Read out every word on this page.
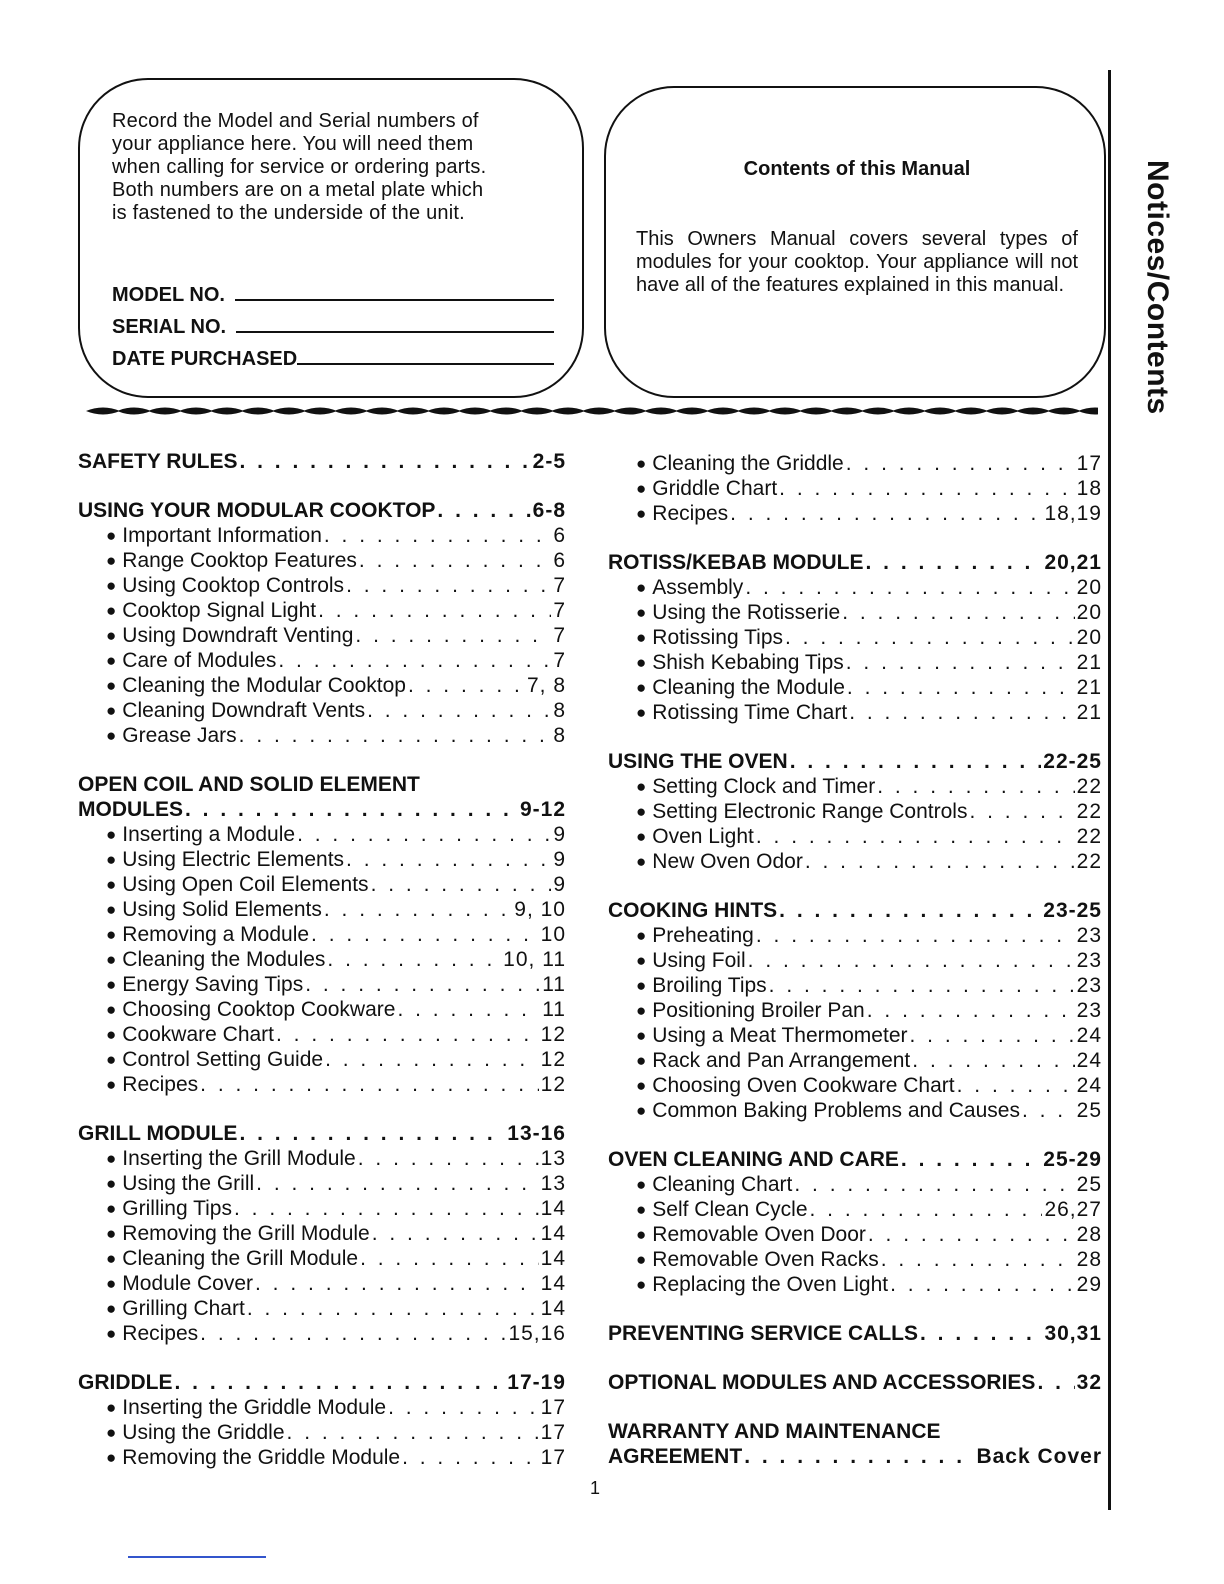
Record the Model and Serial numbers of
your appliance here. You will need them
when calling for service or ordering parts.
Both numbers are on a metal plate which
is fastened to the underside of the unit.
MODEL NO.
SERIAL NO.
DATE PURCHASED
Contents of this Manual
This Owners Manual covers several types of modules for your cooktop. Your appliance will not have all of the features explained in this manual.	Notices/Contents
SAFETY RULES . . .	2-5
USING YOUR MODULAR COOKTOP . . .	6-8
● Important Information . . .	6
● Range Cooktop Features . . .	6
● Using Cooktop Controls . . .	7
● Cooktop Signal Light . . .	7
● Using Downdraft Venting . . .	7
● Care of Modules . . .	7
● Cleaning the Modular Cooktop . . .	7, 8
● Cleaning Downdraft Vents . . .	8
● Grease Jars . . .	8
OPEN COIL AND SOLID ELEMENT
MODULES . . .	9-12
● Inserting a Module . . .	9
● Using Electric Elements . . .	9
● Using Open Coil Elements . . .	9
● Using Solid Elements . . .	9, 10
● Removing a Module . . .	10
● Cleaning the Modules . . .	10, 11
● Energy Saving Tips . . .	11
● Choosing Cooktop Cookware . . .	11
● Cookware Chart . . .	12
● Control Setting Guide . . .	12
● Recipes . . .	12
GRILL MODULE . . .	13-16
● Inserting the Grill Module . . .	13
● Using the Grill . . .	13
● Grilling Tips . . .	14
● Removing the Grill Module . . .	14
● Cleaning the Grill Module . . .	14
● Module Cover . . .	14
● Grilling Chart . . .	14
● Recipes . . .	15,16
GRIDDLE . . .	17-19
● Inserting the Griddle Module . . .	17
● Using the Griddle . . .	17
● Removing the Griddle Module . . .	17
● Cleaning the Griddle . . .	17
● Griddle Chart . . .	18
● Recipes . . .	18,19
ROTISS/KEBAB MODULE . . .	20,21
● Assembly . . .	20
● Using the Rotisserie . . .	20
● Rotissing Tips . . .	20
● Shish Kebabing Tips . . .	21
● Cleaning the Module . . .	21
● Rotissing Time Chart . . .	21
USING THE OVEN . . .	22-25
● Setting Clock and Timer . . .	22
● Setting Electronic Range Controls . . .	22
● Oven Light . . .	22
● New Oven Odor . . .	22
COOKING HINTS . . .	23-25
● Preheating . . .	23
● Using Foil . . .	23
● Broiling Tips . . .	23
● Positioning Broiler Pan . . .	23
● Using a Meat Thermometer . . .	24
● Rack and Pan Arrangement . . .	24
● Choosing Oven Cookware Chart . . .	24
● Common Baking Problems and Causes . . .	25
OVEN CLEANING AND CARE . . .	25-29
● Cleaning Chart . . .	25
● Self Clean Cycle . . .	26,27
● Removable Oven Door . . .	28
● Removable Oven Racks . . .	28
● Replacing the Oven Light . . .	29
PREVENTING SERVICE CALLS . . .	30,31
OPTIONAL MODULES AND ACCESSORIES . . . 32
WARRANTY AND MAINTENANCE
AGREEMENT . . .	Back Cover
1
